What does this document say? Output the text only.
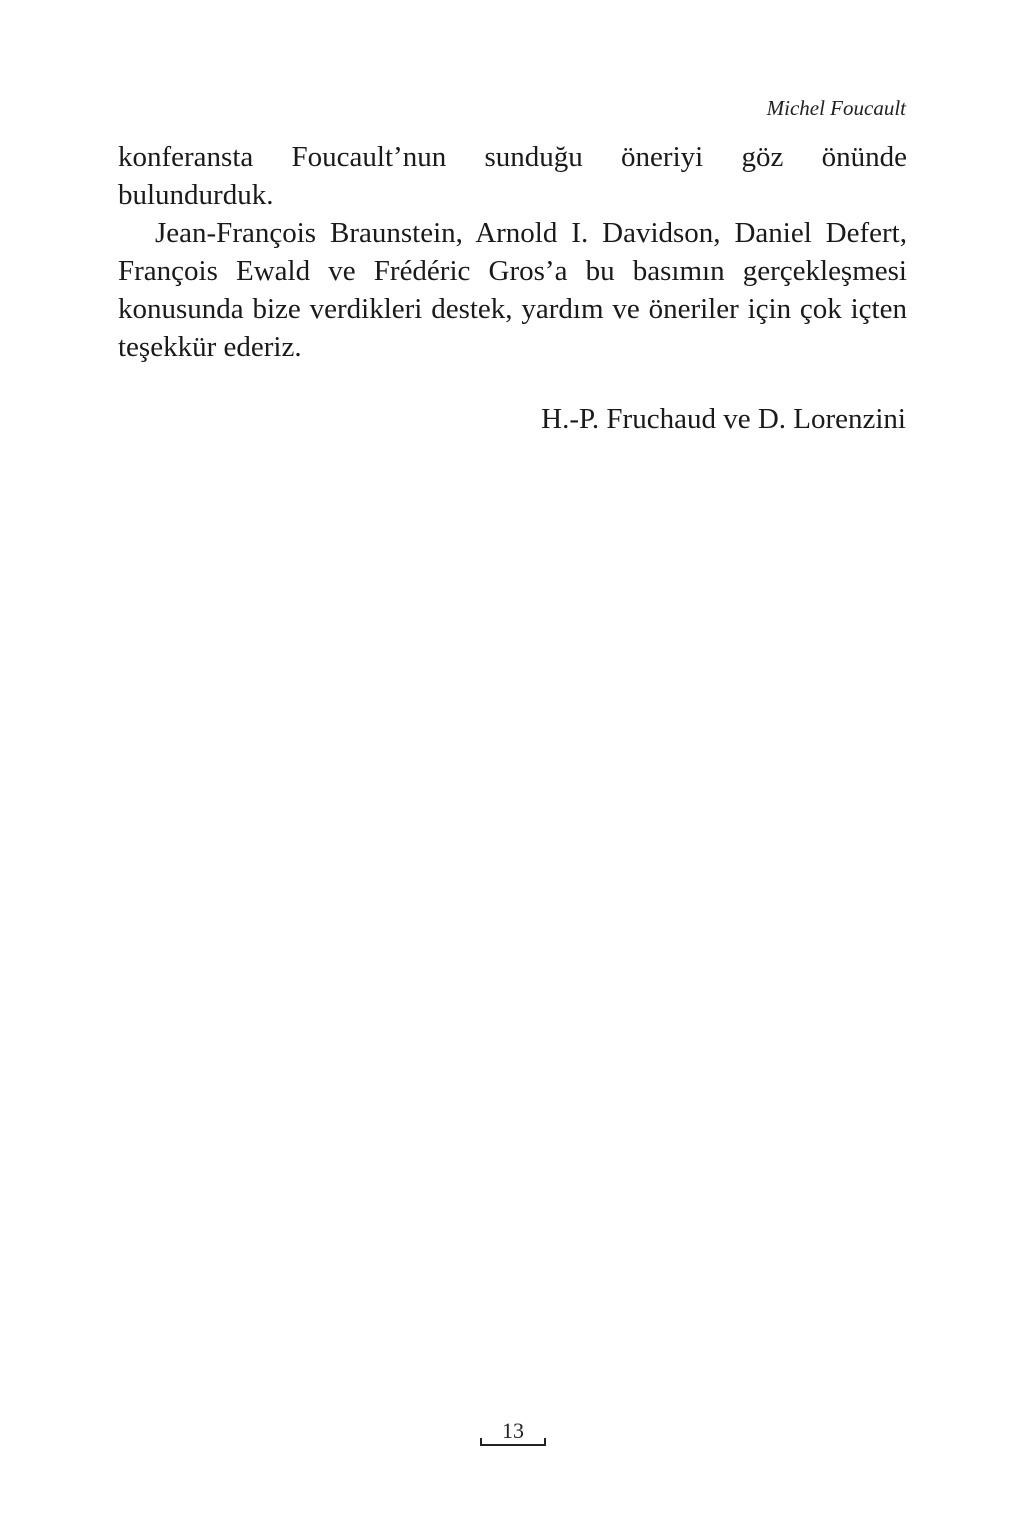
Michel Foucault

konferansta Foucault’nun sunduğu öneriyi göz önünde bulundurduk.

Jean-François Braunstein, Arnold I. Davidson, Daniel Defert, François Ewald ve Frédéric Gros’a bu basımın gerçekleşmesi konusunda bize verdikleri destek, yardım ve öneriler için çok içten teşekkür ederiz.

H.-P. Fruchaud ve D. Lorenzini
13
